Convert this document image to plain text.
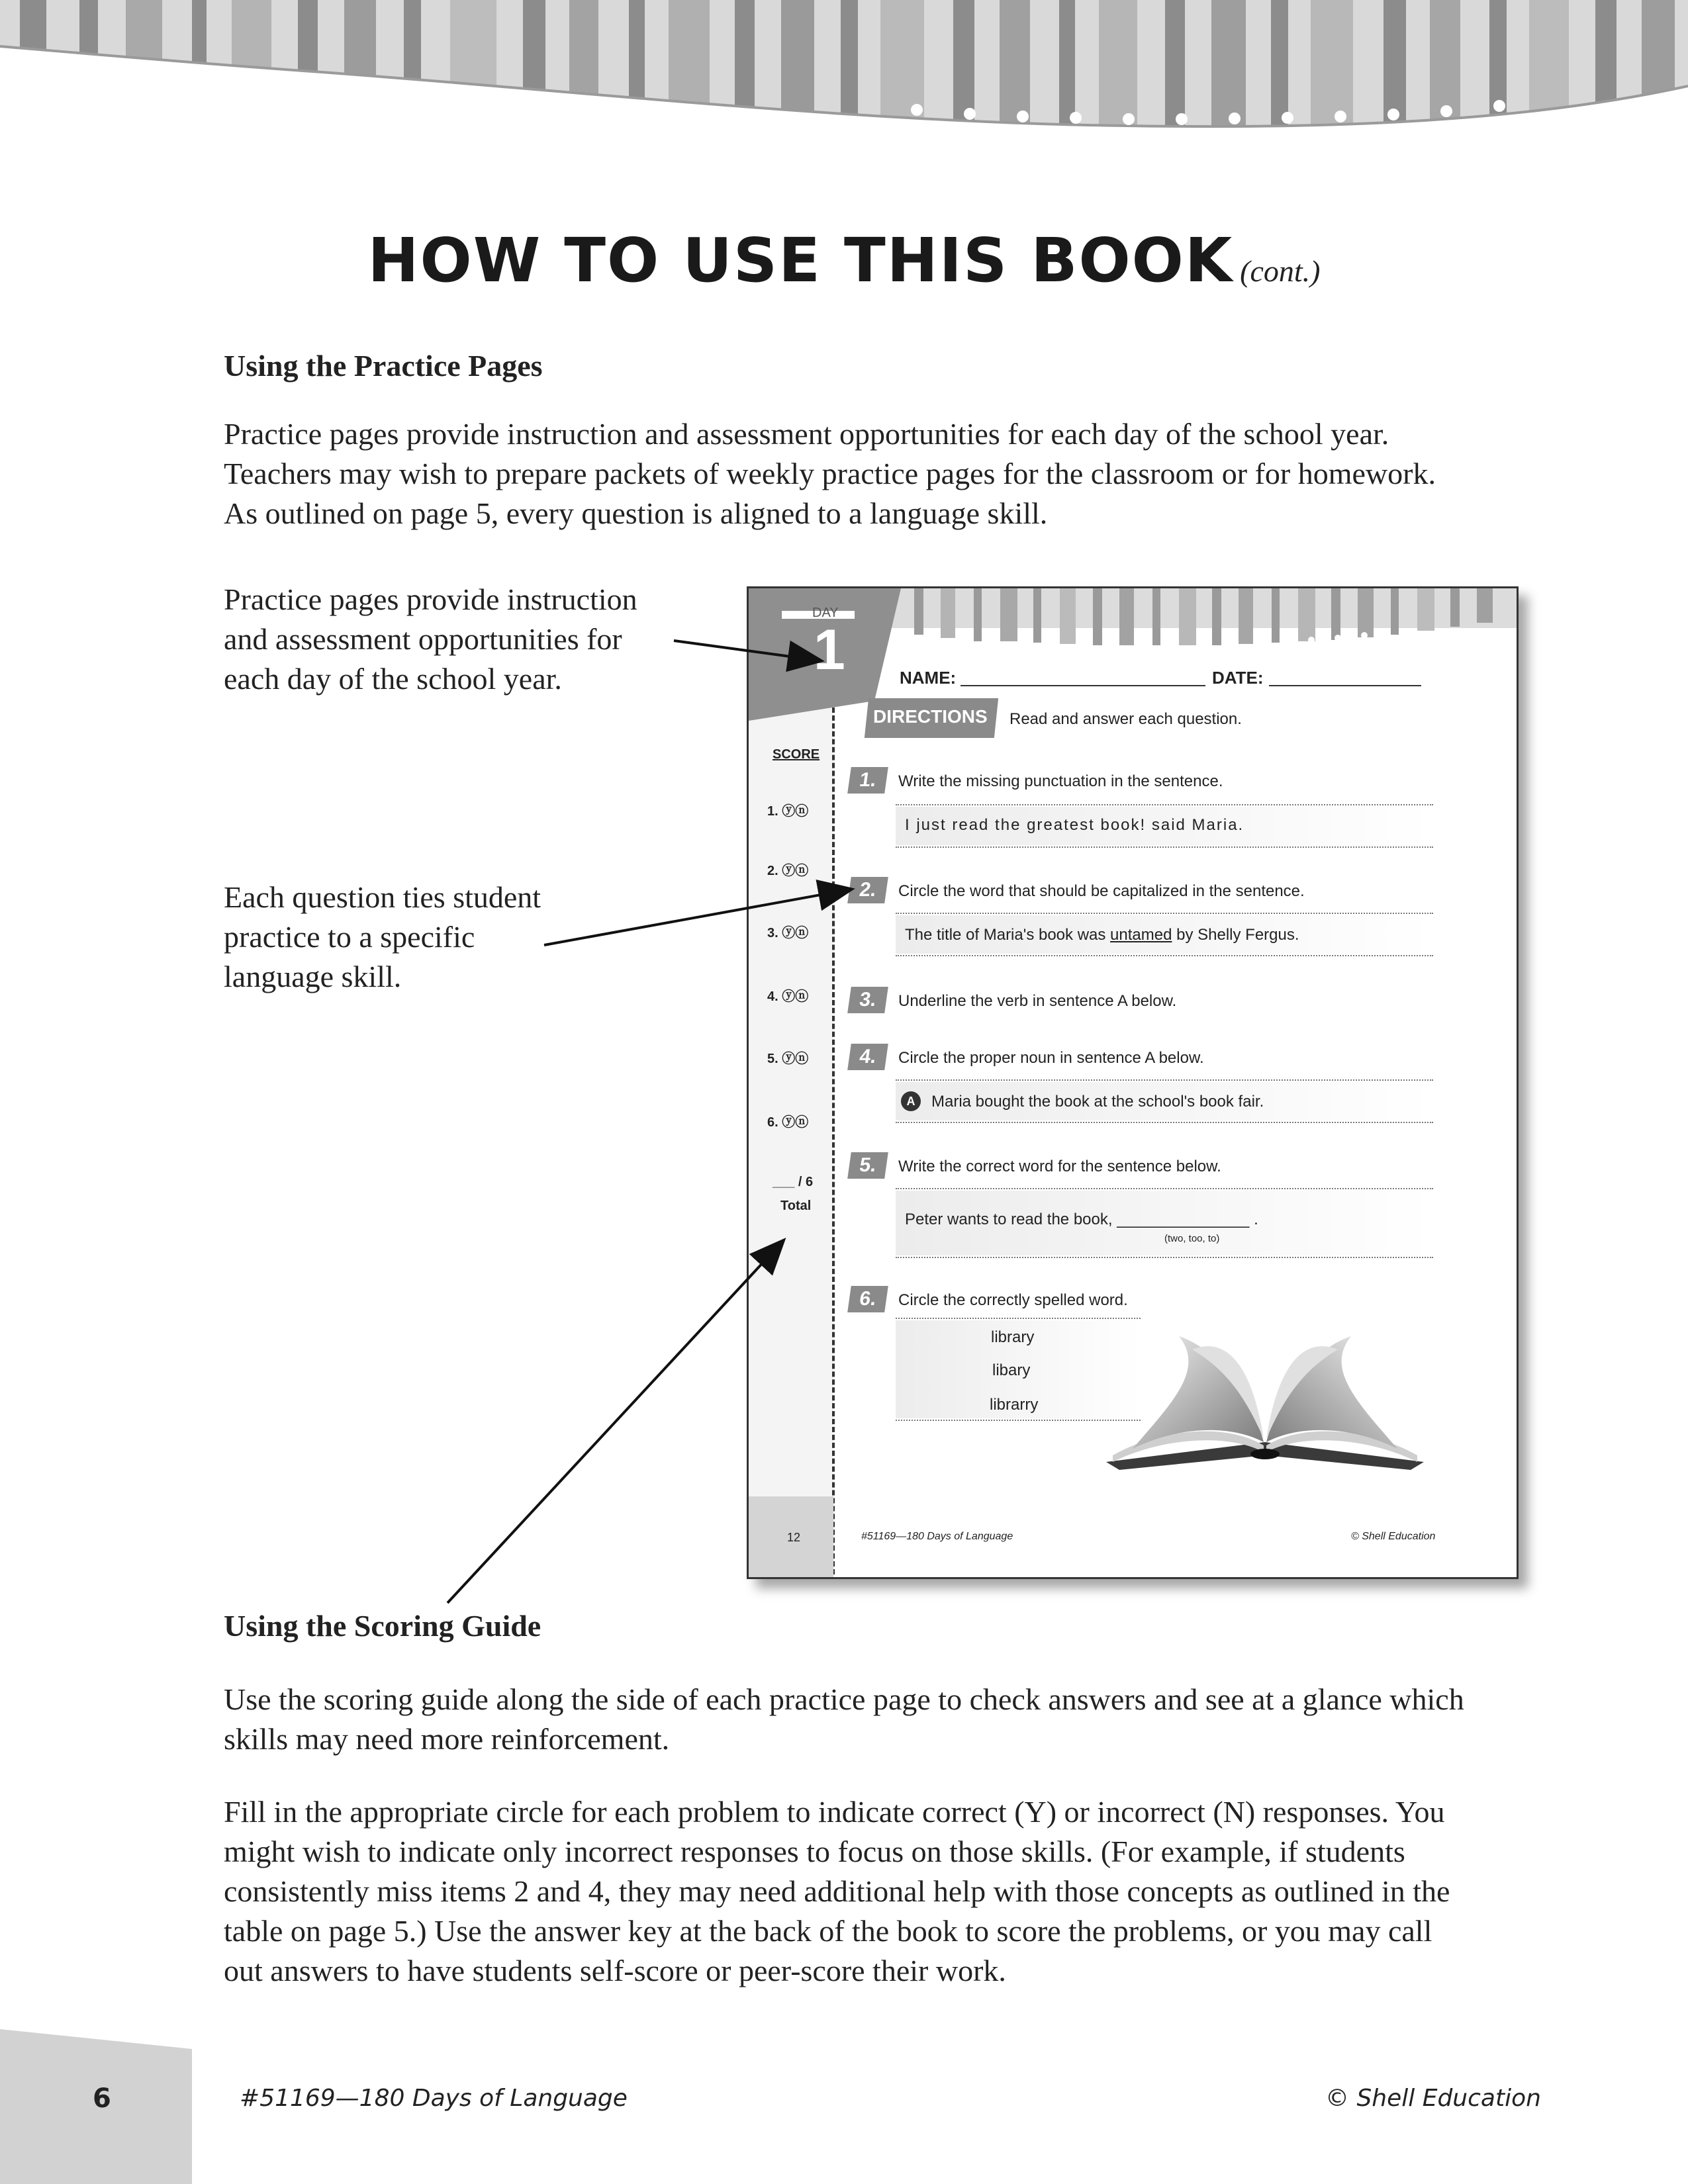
HOW TO USE THIS BOOK (cont.)
Using the Practice Pages
Practice pages provide instruction and assessment opportunities for each day of the school year.
Teachers may wish to prepare packets of weekly practice pages for the classroom or for homework.
As outlined on page 5, every question is aligned to a language skill.
Practice pages provide instruction
and assessment opportunities for
each day of the school year.
Each question ties student
practice to a specific
language skill.
DAY
1	NAME:	DATE:
DIRECTIONS Read and answer each question.
SCORE
1. ⓨⓝ
2. ⓨⓝ
3. ⓨⓝ
4. ⓨⓝ
5. ⓨⓝ
6. ⓨⓝ
___ / 6
Total
1.	Write the missing punctuation in the sentence.
I just read the greatest book! said Maria.
2.	Circle the word that should be capitalized in the sentence.
The title of Maria's book was untamed by Shelly Fergus.
3.	Underline the verb in sentence A below.
4.	Circle the proper noun in sentence A below.
A	Maria bought the book at the school's book fair.
5.	Write the correct word for the sentence below.
Peter wants to read the book, _______________ .
(two, too, to)
6.	Circle the correctly spelled word.
library
libary
librarry
12	#51169—180 Days of Language	© Shell Education
Using the Scoring Guide
Use the scoring guide along the side of each practice page to check answers and see at a glance which
skills may need more reinforcement.
Fill in the appropriate circle for each problem to indicate correct (Y) or incorrect (N) responses. You
might wish to indicate only incorrect responses to focus on those skills. (For example, if students
consistently miss items 2 and 4, they may need additional help with those concepts as outlined in the
table on page 5.) Use the answer key at the back of the book to score the problems, or you may call
out answers to have students self-score or peer-score their work.
6	#51169—180 Days of Language	© Shell Education
